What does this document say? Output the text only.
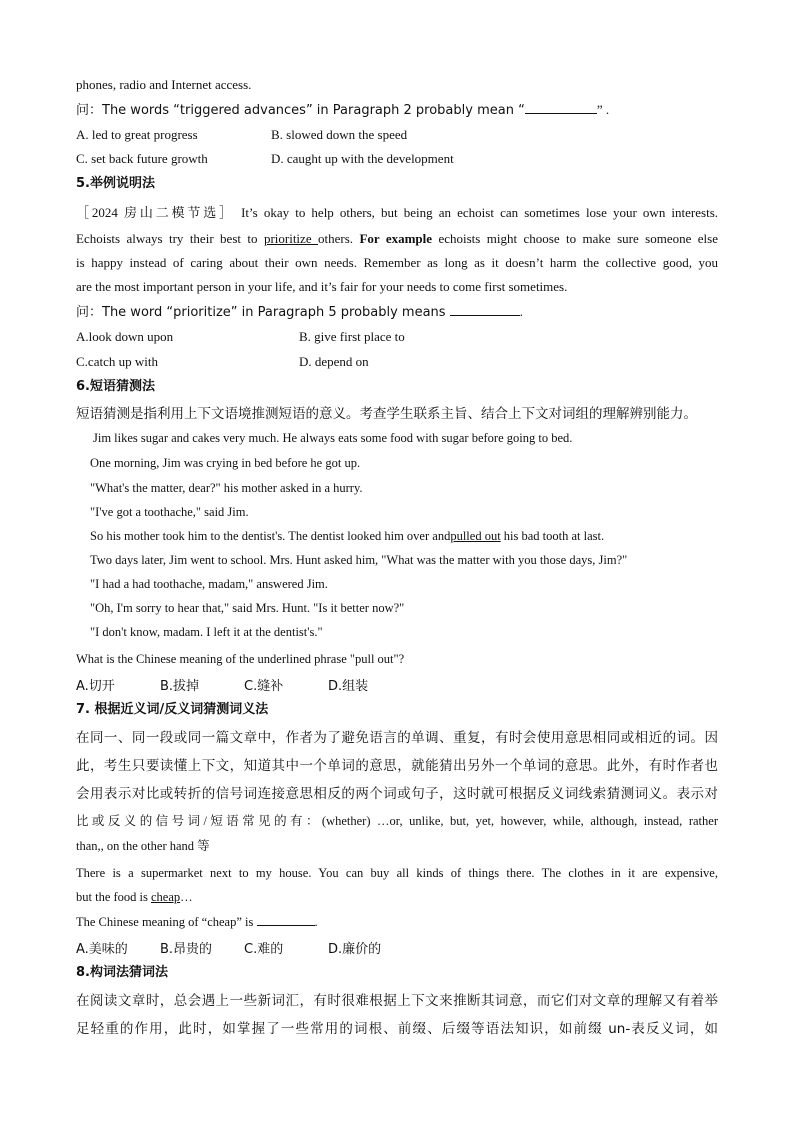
phones, radio and Internet access.
问：The words “triggered advances” in Paragraph 2 probably mean “	” .
A. led to great progress	B. slowed down the speed
C. set back future growth	D. caught up with the development
5.举例说明法
［2024 房山二模节选］ It’s okay to help others, but being an echoist can sometimes lose your own interests.
Echoists always try their best to prioritize others. For example echoists might choose to make sure someone else
is happy instead of caring about their own needs. Remember as long as it doesn’t harm the collective good, you
are the most important person in your life, and it’s fair for your needs to come first sometimes.
问：The word “prioritize” in Paragraph 5 probably means	.
A.look down upon	B. give first place to
C.catch up with	D. depend on
6.短语猜测法
短语猜测是指利用上下文语境推测短语的意义。考查学生联系主旨、结合上下文对词组的理解辨别能力。
Jim likes sugar and cakes very much. He always eats some food with sugar before going to bed.
One morning, Jim was crying in bed before he got up.
"What's the matter, dear?" his mother asked in a hurry.
"I've got a toothache," said Jim.
So his mother took him to the dentist's. The dentist looked him over andpulled out his bad tooth at last.
Two days later, Jim went to school. Mrs. Hunt asked him, "What was the matter with you those days, Jim?"
"I had a had toothache, madam," answered Jim.
"Oh, I'm sorry to hear that," said Mrs. Hunt. "Is it better now?"
"I don't know, madam. I left it at the dentist's."
What is the Chinese meaning of the underlined phrase "pull out"?
A.切开	B.拔掉	C.缝补	D.组装
7. 根据近义词/反义词猜测词义法
在同一、同一段或同一篇文章中，作者为了避免语言的单调、重复，有时会使用意思相同或相近的词。因
此，考生只要读懂上下文，知道其中一个单词的意思，就能猜出另外一个单词的意思。此外，有时作者也
会用表示对比或转折的信号词连接意思相反的两个词或句子，这时就可根据反义词线索猜测词义。表示对
比或反义的信号词/短语常见的有：(whether) …or, unlike, but, yet, however, while, although, instead, rather
than,, on the other hand 等
There is a supermarket next to my house. You can buy all kinds of things there. The clothes in it are expensive,
but the food is cheap…
The Chinese meaning of “cheap” is	.
A.美味的 B.昂贵的 C.难的	D.廉价的
8.构词法猜词法
在阅读文章时，总会遇上一些新词汇，有时很难根据上下文来推断其词意，而它们对文章的理解又有着举
足轻重的作用，此时，如掌握了一些常用的词根、前缀、后缀等语法知识，如前缀 un-表反义词，如
